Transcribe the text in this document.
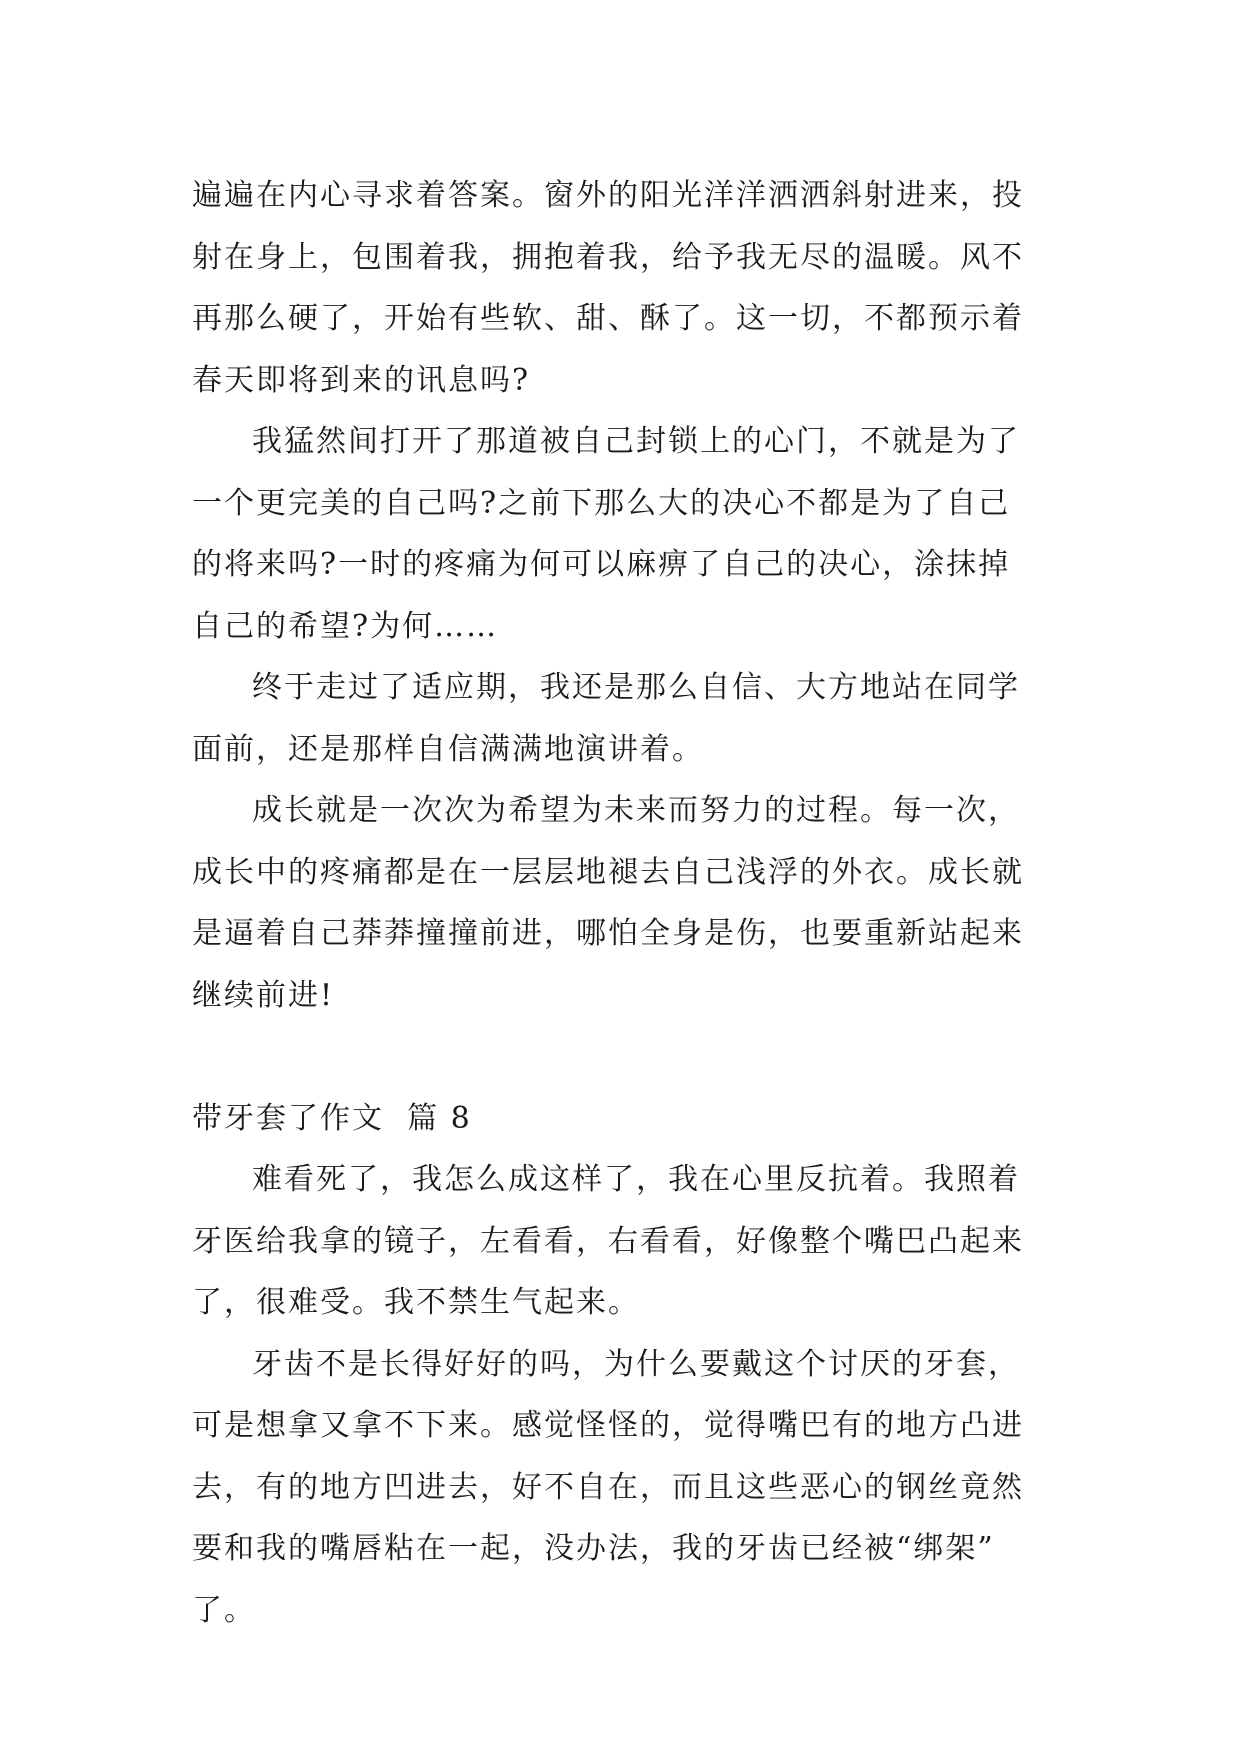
遍遍在内心寻求着答案。窗外的阳光洋洋洒洒斜射进来，投
射在身上，包围着我，拥抱着我，给予我无尽的温暖。风不
再那么硬了，开始有些软、甜、酥了。这一切，不都预示着
春天即将到来的讯息吗?
我猛然间打开了那道被自己封锁上的心门，不就是为了
一个更完美的自己吗?之前下那么大的决心不都是为了自己
的将来吗?一时的疼痛为何可以麻痹了自己的决心，涂抹掉
自己的希望?为何……
终于走过了适应期，我还是那么自信、大方地站在同学
面前，还是那样自信满满地演讲着。
成长就是一次次为希望为未来而努力的过程。每一次，
成长中的疼痛都是在一层层地褪去自己浅浮的外衣。成长就
是逼着自己莽莽撞撞前进，哪怕全身是伤，也要重新站起来
继续前进!
带牙套了作文  篇 8
难看死了，我怎么成这样了，我在心里反抗着。我照着
牙医给我拿的镜子，左看看，右看看，好像整个嘴巴凸起来
了，很难受。我不禁生气起来。
牙齿不是长得好好的吗，为什么要戴这个讨厌的牙套，
可是想拿又拿不下来。感觉怪怪的，觉得嘴巴有的地方凸进
去，有的地方凹进去，好不自在，而且这些恶心的钢丝竟然
要和我的嘴唇粘在一起，没办法，我的牙齿已经被“绑架”
了。
